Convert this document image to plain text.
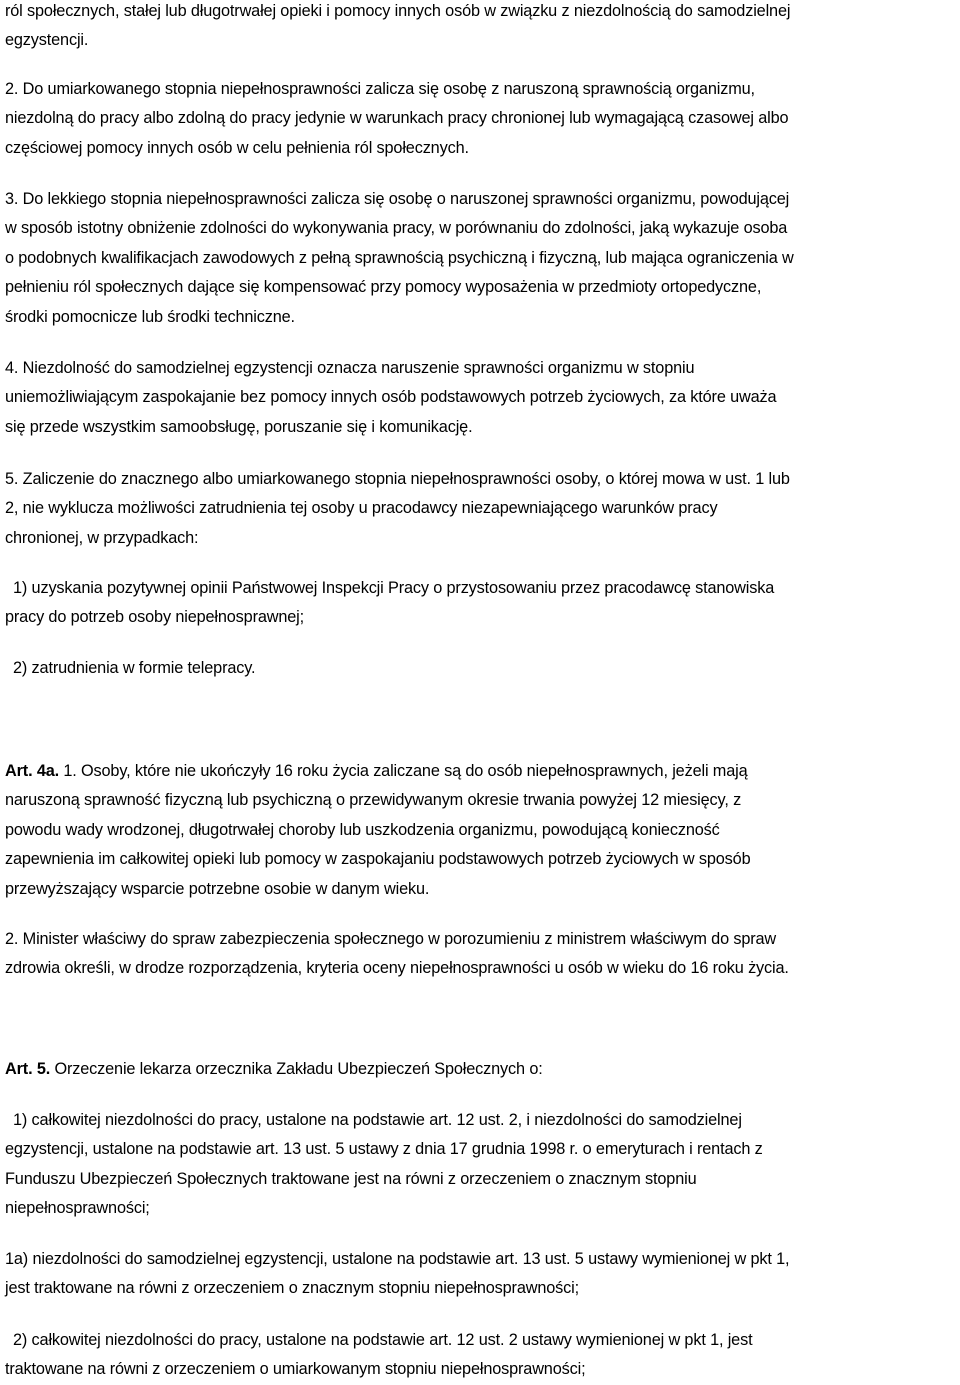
ról społecznych, stałej lub długotrwałej opieki i pomocy innych osób w związku z niezdolnością do samodzielnej
egzystencji.

2. Do umiarkowanego stopnia niepełnosprawności zalicza się osobę z naruszoną sprawnością organizmu,
niezdolną do pracy albo zdolną do pracy jedynie w warunkach pracy chronionej lub wymagającą czasowej albo
częściowej pomocy innych osób w celu pełnienia ról społecznych.

3. Do lekkiego stopnia niepełnosprawności zalicza się osobę o naruszonej sprawności organizmu, powodującej
w sposób istotny obniżenie zdolności do wykonywania pracy, w porównaniu do zdolności, jaką wykazuje osoba
o podobnych kwalifikacjach zawodowych z pełną sprawnością psychiczną i fizyczną, lub mająca ograniczenia w
pełnieniu ról społecznych dające się kompensować przy pomocy wyposażenia w przedmioty ortopedyczne,
środki pomocnicze lub środki techniczne.

4. Niezdolność do samodzielnej egzystencji oznacza naruszenie sprawności organizmu w stopniu
uniemożliwiającym zaspokajanie bez pomocy innych osób podstawowych potrzeb życiowych, za które uważa
się przede wszystkim samoobsługę, poruszanie się i komunikację.

5. Zaliczenie do znacznego albo umiarkowanego stopnia niepełnosprawności osoby, o której mowa w ust. 1 lub
2, nie wyklucza możliwości zatrudnienia tej osoby u pracodawcy niezapewniającego warunków pracy
chronionej, w przypadkach:

1) uzyskania pozytywnej opinii Państwowej Inspekcji Pracy o przystosowaniu przez pracodawcę stanowiska
pracy do potrzeb osoby niepełnosprawnej;

2) zatrudnienia w formie telepracy.

Art. 4a. 1. Osoby, które nie ukończyły 16 roku życia zaliczane są do osób niepełnosprawnych, jeżeli mają
naruszoną sprawność fizyczną lub psychiczną o przewidywanym okresie trwania powyżej 12 miesięcy, z
powodu wady wrodzonej, długotrwałej choroby lub uszkodzenia organizmu, powodującą konieczność
zapewnienia im całkowitej opieki lub pomocy w zaspokajaniu podstawowych potrzeb życiowych w sposób
przewyższający wsparcie potrzebne osobie w danym wieku.

2. Minister właściwy do spraw zabezpieczenia społecznego w porozumieniu z ministrem właściwym do spraw
zdrowia określi, w drodze rozporządzenia, kryteria oceny niepełnosprawności u osób w wieku do 16 roku życia.

Art. 5. Orzeczenie lekarza orzecznika Zakładu Ubezpieczeń Społecznych o:

1) całkowitej niezdolności do pracy, ustalone na podstawie art. 12 ust. 2, i niezdolności do samodzielnej
egzystencji, ustalone na podstawie art. 13 ust. 5 ustawy z dnia 17 grudnia 1998 r. o emeryturach i rentach z
Funduszu Ubezpieczeń Społecznych traktowane jest na równi z orzeczeniem o znacznym stopniu
niepełnosprawności;

1a) niezdolności do samodzielnej egzystencji, ustalone na podstawie art. 13 ust. 5 ustawy wymienionej w pkt 1,
jest traktowane na równi z orzeczeniem o znacznym stopniu niepełnosprawności;

2) całkowitej niezdolności do pracy, ustalone na podstawie art. 12 ust. 2 ustawy wymienionej w pkt 1, jest
traktowane na równi z orzeczeniem o umiarkowanym stopniu niepełnosprawności;
